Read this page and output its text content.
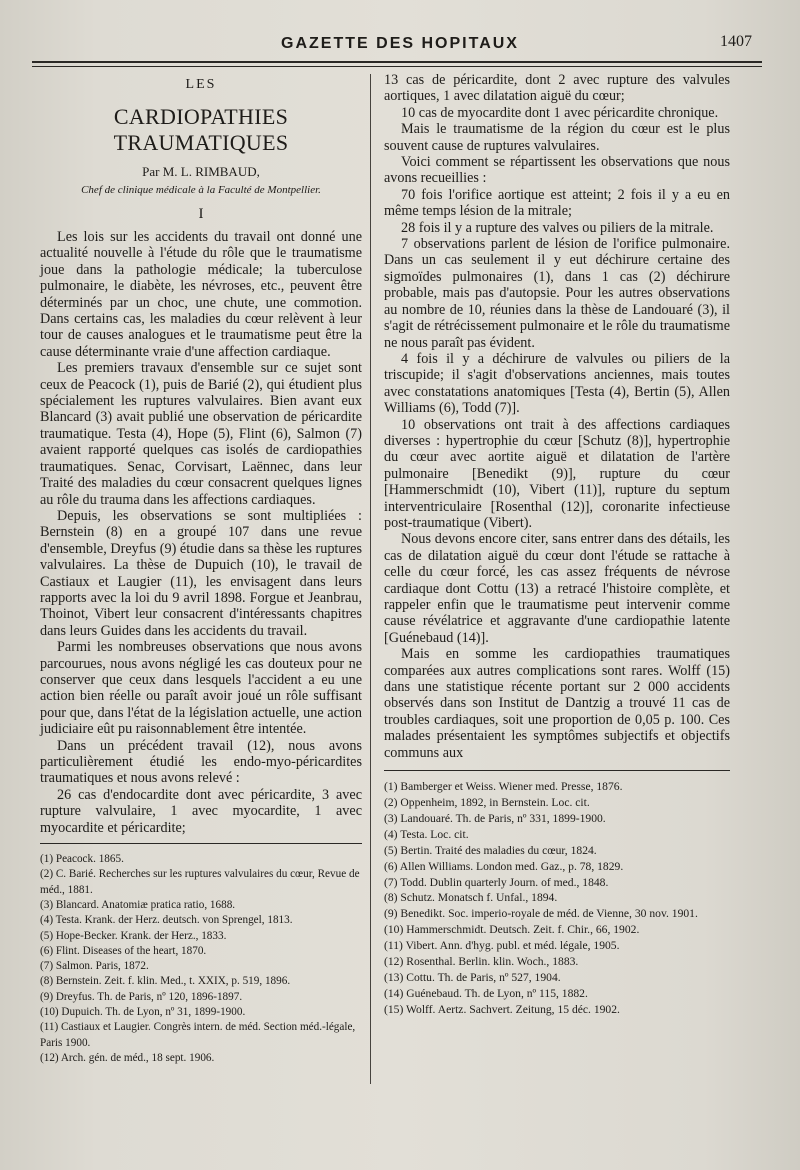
GAZETTE DES HOPITAUX	1407
LES
CARDIOPATHIES TRAUMATIQUES
Par M. L. RIMBAUD,
Chef de clinique médicale à la Faculté de Montpellier.
I

Les lois sur les accidents du travail ont donné une actualité nouvelle à l'étude du rôle que le traumatisme joue dans la pathologie médicale; la tuberculose pulmonaire, le diabète, les névroses, etc., peuvent être déterminés par un choc, une chute, une commotion. Dans certains cas, les maladies du cœur relèvent à leur tour de causes analogues et le traumatisme peut être la cause déterminante vraie d'une affection cardiaque.

Les premiers travaux d'ensemble sur ce sujet sont ceux de Peacock (1), puis de Barié (2), qui étudient plus spécialement les ruptures valvulaires. Bien avant eux Blancard (3) avait publié une observation de péricardite traumatique. Testa (4), Hope (5), Flint (6), Salmon (7) avaient rapporté quelques cas isolés de cardiopathies traumatiques. Senac, Corvisart, Laënnec, dans leur Traité des maladies du cœur consacrent quelques lignes au rôle du trauma dans les affections cardiaques.

Depuis, les observations se sont multipliées : Bernstein (8) en a groupé 107 dans une revue d'ensemble, Dreyfus (9) étudie dans sa thèse les ruptures valvulaires. La thèse de Dupuich (10), le travail de Castiaux et Laugier (11), les envisagent dans leurs rapports avec la loi du 9 avril 1898. Forgue et Jeanbrau, Thoinot, Vibert leur consacrent d'intéressants chapitres dans leurs Guides dans les accidents du travail.

Parmi les nombreuses observations que nous avons parcourues, nous avons négligé les cas douteux pour ne conserver que ceux dans lesquels l'accident a eu une action bien réelle ou paraît avoir joué un rôle suffisant pour que, dans l'état de la législation actuelle, une action judiciaire eût pu raisonnablement être intentée.

Dans un précédent travail (12), nous avons particulièrement étudié les endo-myo-péricardites traumatiques et nous avons relevé :

26 cas d'endocardite dont avec péricardite, 3 avec rupture valvulaire, 1 avec myocardite, 1 avec myocardite et péricardite;

(1) Peacock. 1865.
(2) C. Barié. Recherches sur les ruptures valvulaires du cœur, Revue de méd., 1881.
(3) Blancard. Anatomiæ pratica ratio, 1688.
(4) Testa. Krank. der Herz. deutsch. von Sprengel, 1813.
(5) Hope-Becker. Krank. der Herz., 1833.
(6) Flint. Diseases of the heart, 1870.
(7) Salmon. Paris, 1872.
(8) Bernstein. Zeit. f. klin. Med., t. XXIX, p. 519, 1896.
(9) Dreyfus. Th. de Paris, nº 120, 1896-1897.
(10) Dupuich. Th. de Lyon, nº 31, 1899-1900.
(11) Castiaux et Laugier. Congrès intern. de méd. Section méd.-légale, Paris 1900.
(12) Arch. gén. de méd., 18 sept. 1906.

13 cas de péricardite, dont 2 avec rupture des valvules aortiques, 1 avec dilatation aiguë du cœur;

10 cas de myocardite dont 1 avec péricardite chronique.

Mais le traumatisme de la région du cœur est le plus souvent cause de ruptures valvulaires.

Voici comment se répartissent les observations que nous avons recueillies :

70 fois l'orifice aortique est atteint; 2 fois il y a eu en même temps lésion de la mitrale;

28 fois il y a rupture des valves ou piliers de la mitrale.

7 observations parlent de lésion de l'orifice pulmonaire. Dans un cas seulement il y eut déchirure certaine des sigmoïdes pulmonaires (1), dans 1 cas (2) déchirure probable, mais pas d'autopsie. Pour les autres observations au nombre de 10, réunies dans la thèse de Landouaré (3), il s'agit de rétrécissement pulmonaire et le rôle du traumatisme ne nous paraît pas évident.

4 fois il y a déchirure de valvules ou piliers de la triscupide; il s'agit d'observations anciennes, mais toutes avec constatations anatomiques [Testa (4), Bertin (5), Allen Williams (6), Todd (7)].

10 observations ont trait à des affections cardiaques diverses : hypertrophie du cœur [Schutz (8)], hypertrophie du cœur avec aortite aiguë et dilatation de l'artère pulmonaire [Benedikt (9)], rupture du cœur [Hammerschmidt (10), Vibert (11)], rupture du septum interventriculaire [Rosenthal (12)], coronarite infectieuse post-traumatique (Vibert).

Nous devons encore citer, sans entrer dans des détails, les cas de dilatation aiguë du cœur dont l'étude se rattache à celle du cœur forcé, les cas assez fréquents de névrose cardiaque dont Cottu (13) a retracé l'histoire complète, et rappeler enfin que le traumatisme peut intervenir comme cause révélatrice et aggravante d'une cardiopathie latente [Guénebaud (14)].

Mais en somme les cardiopathies traumatiques comparées aux autres complications sont rares. Wolff (15) dans une statistique récente portant sur 2 000 accidents observés dans son Institut de Dantzig a trouvé 11 cas de troubles cardiaques, soit une proportion de 0,05 p. 100. Ces malades présentaient les symptômes subjectifs et objectifs communs aux

(1) Bamberger et Weiss. Wiener med. Presse, 1876.
(2) Oppenheim, 1892, in Bernstein. Loc. cit.
(3) Landouaré. Th. de Paris, nº 331, 1899-1900.
(4) Testa. Loc. cit.
(5) Bertin. Traité des maladies du cœur, 1824.
(6) Allen Williams. London med. Gaz., p. 78, 1829.
(7) Todd. Dublin quarterly Journ. of med., 1848.
(8) Schutz. Monatsch f. Unfal., 1894.
(9) Benedikt. Soc. imperio-royale de méd. de Vienne, 30 nov. 1901.
(10) Hammerschmidt. Deutsch. Zeit. f. Chir., 66, 1902.
(11) Vibert. Ann. d'hyg. publ. et méd. légale, 1905.
(12) Rosenthal. Berlin. klin. Woch., 1883.
(13) Cottu. Th. de Paris, nº 527, 1904.
(14) Guénebaud. Th. de Lyon, nº 115, 1882.
(15) Wolff. Aertz. Sachvert. Zeitung, 15 déc. 1902.
